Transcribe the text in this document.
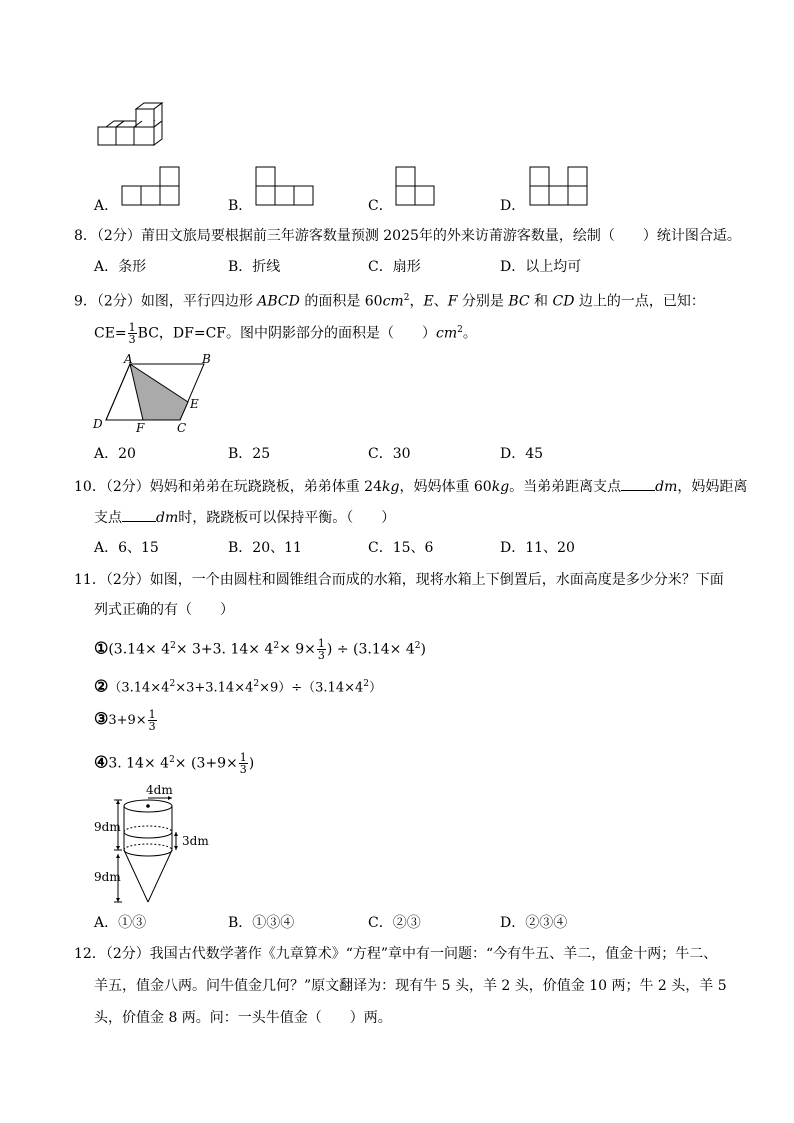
A．	B．	C．	D．
8．（2分）莆田文旅局要根据前三年游客数量预测 2025年的外来访莆游客数量，绘制（　　）统计图合适。
A．条形	B．折线	C．扇形	D．以上均可
9．（2分）如图，平行四边形 ABCD 的面积是 $60cm^2$，E、F 分别是 BC 和 CD 边上的一点，已知：
$CE= \frac{1}{3}$ BC，DF=CF。图中阴影部分的面积是（　　）$cm^2$。
A	B
D	F	C
E
A．20	B．25	C．30	D．45
10．（2分）妈妈和弟弟在玩跷跷板，弟弟体重 24kg，妈妈体重 60kg。当弟弟距离支点 dm，妈妈距离
支点 dm时，跷跷板可以保持平衡。（　　）
A．6、15	B．20、11	C．15、6	D．11、20
11．（2分）如图，一个由圆柱和圆锥组合而成的水箱，现将水箱上下倒置后，水面高度是多少分米？下面
列式正确的有（　　）
①(3.14× $4^2\times 3+3$. $14\times 4^2\times 9\times \frac{1}{3}$ ) ÷ $(3.14\times 4^2)$
$②(3.14\times 4^2\times 3+3.14\times 4^2\times 9)\div(3.14\times 4^2)$
③3+9× $\frac{1}{3}$
④3. $14\times 4^2\times (3+9\times \frac{1}{3}$ )
4dm
9dm
3dm
9dm
A．①③	B．①③④	C．②③	D．②③④
12．（2分）我国古代数学著作《九章算术》“方程”章中有一问题：“今有牛五、羊二，值金十两；牛二、
羊五，值金八两。问牛值金几何？”原文翻译为：现有牛 5 头，羊 2 头，价值金 10 两；牛 2 头，羊 5
头，价值金 8 两。问：一头牛值金（　　）两。
